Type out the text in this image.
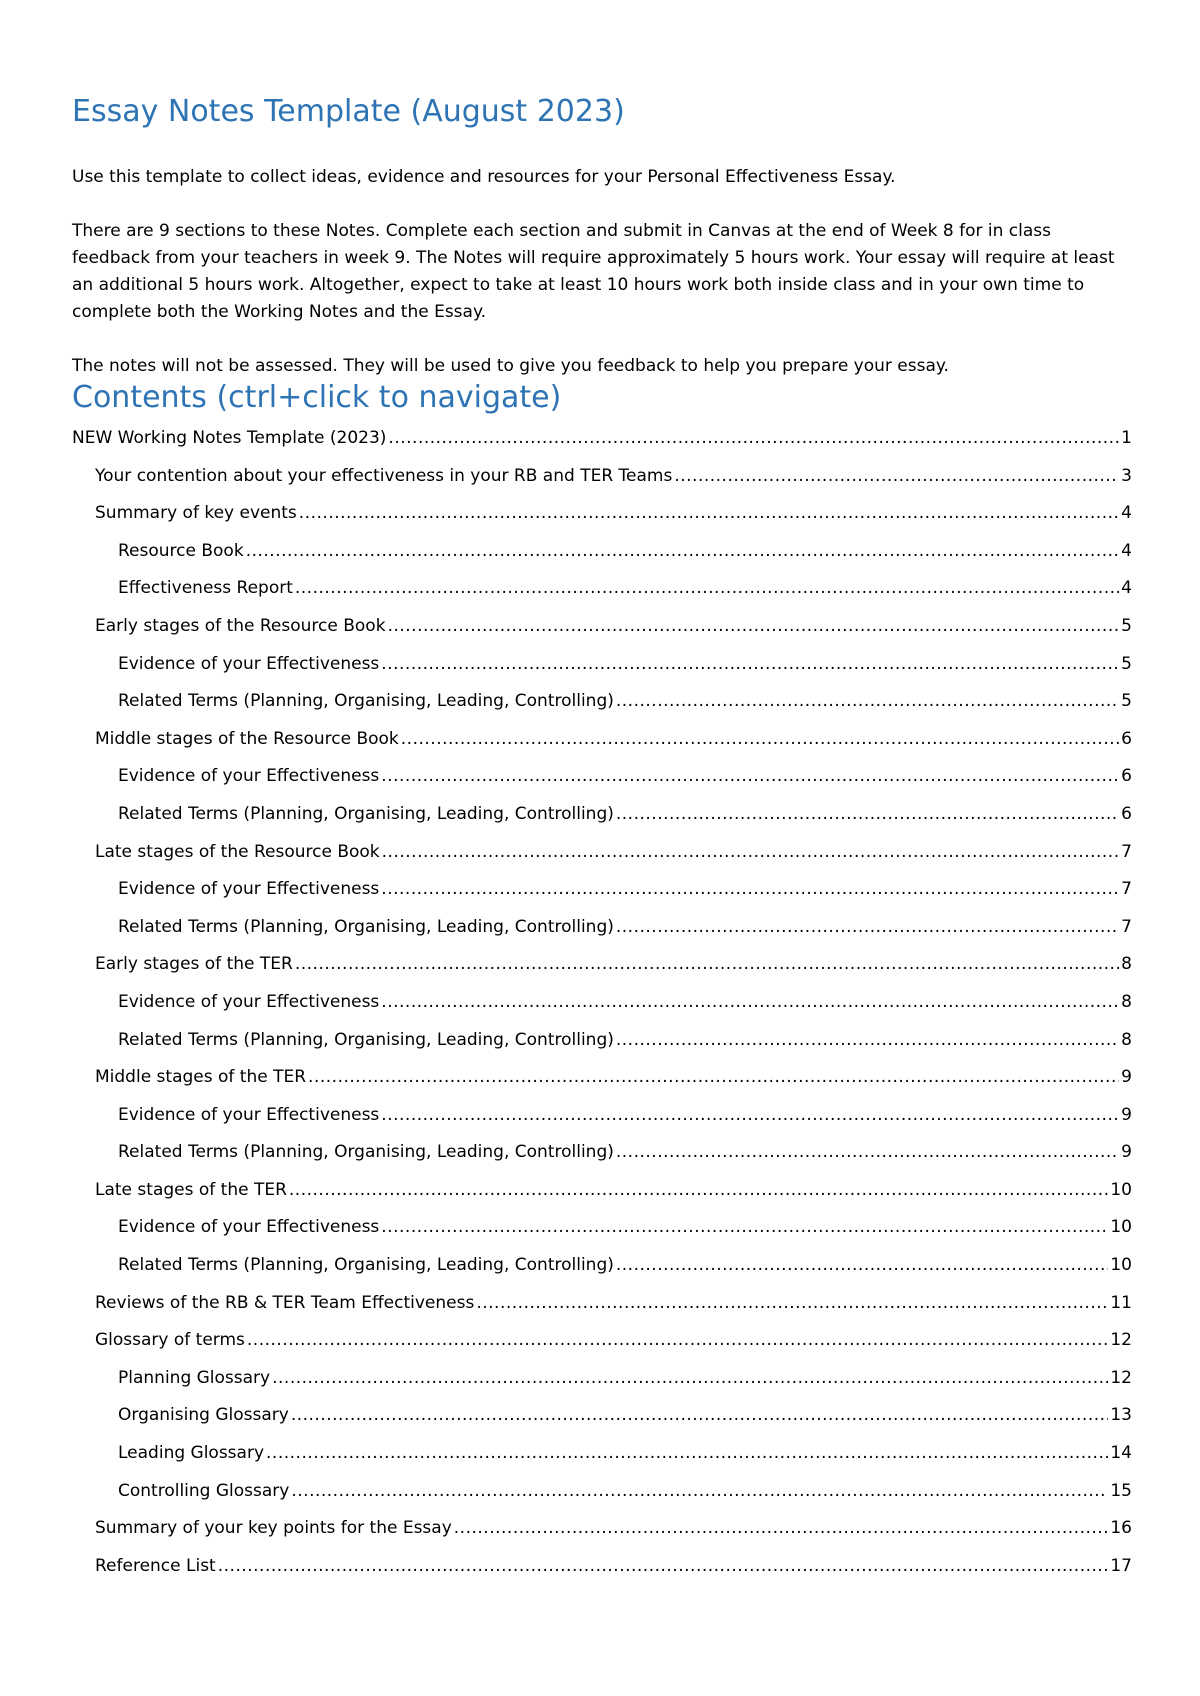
Essay Notes Template (August 2023)

Use this template to collect ideas, evidence and resources for your Personal Effectiveness Essay.

There are 9 sections to these Notes. Complete each section and submit in Canvas at the end of Week 8 for in class feedback from your teachers in week 9. The Notes will require approximately 5 hours work. Your essay will require at least an additional 5 hours work. Altogether, expect to take at least 10 hours work both inside class and in your own time to complete both the Working Notes and the Essay.

The notes will not be assessed. They will be used to give you feedback to help you prepare your essay.

Contents (ctrl+click to navigate)
NEW Working Notes Template (2023) .....	1
Your contention about your effectiveness in your RB and TER Teams .....	3
Summary of key events .....	4
Resource Book .....	4
Effectiveness Report .....	4
Early stages of the Resource Book .....	5
Evidence of your Effectiveness .....	5
Related Terms (Planning, Organising, Leading, Controlling) .....	5
Middle stages of the Resource Book .....	6
Evidence of your Effectiveness .....	6
Related Terms (Planning, Organising, Leading, Controlling) .....	6
Late stages of the Resource Book .....	7
Evidence of your Effectiveness .....	7
Related Terms (Planning, Organising, Leading, Controlling) .....	7
Early stages of the TER .....	8
Evidence of your Effectiveness .....	8
Related Terms (Planning, Organising, Leading, Controlling) .....	8
Middle stages of the TER .....	9
Evidence of your Effectiveness .....	9
Related Terms (Planning, Organising, Leading, Controlling) .....	9
Late stages of the TER .....	10
Evidence of your Effectiveness .....	10
Related Terms (Planning, Organising, Leading, Controlling) .....	10
Reviews of the RB & TER Team Effectiveness .....	11
Glossary of terms .....	12
Planning Glossary .....	12
Organising Glossary .....	13
Leading Glossary .....	14
Controlling Glossary .....	15
Summary of your key points for the Essay .....	16
Reference List .....	17
